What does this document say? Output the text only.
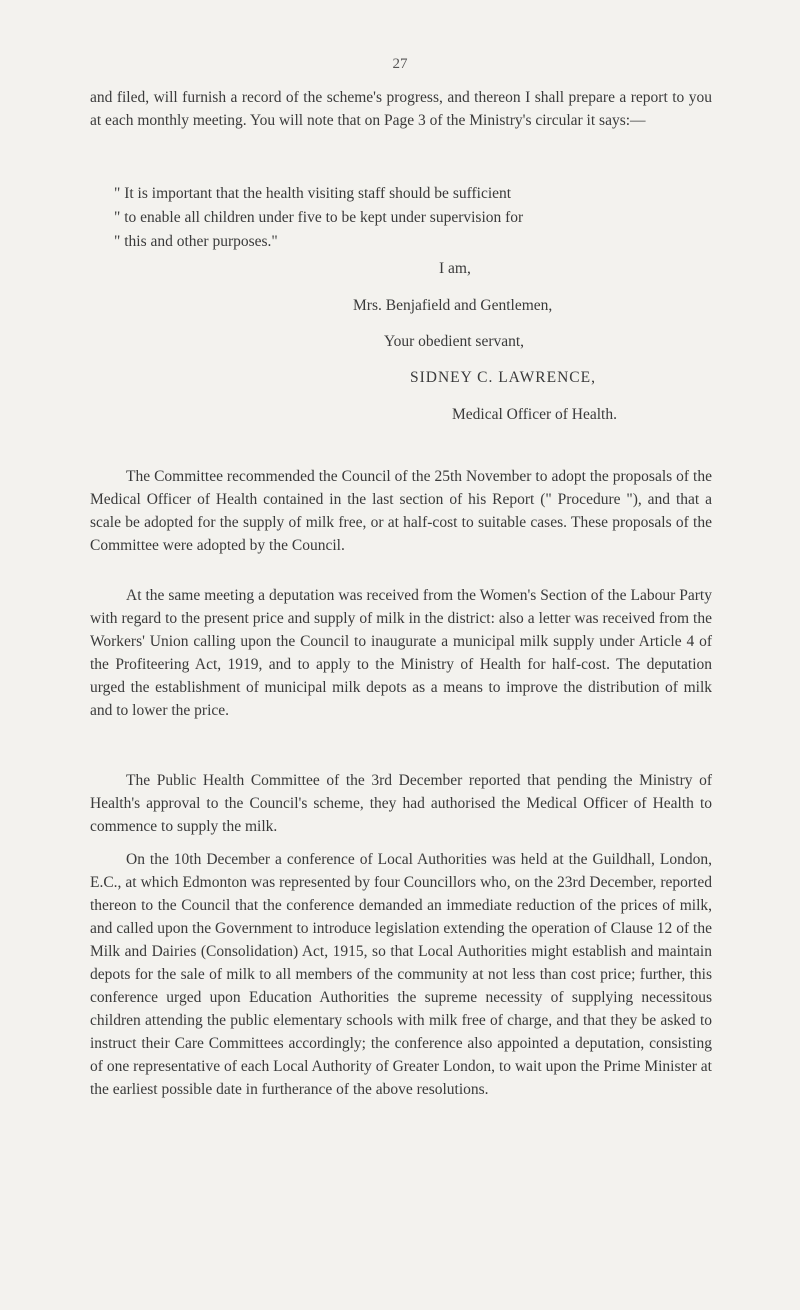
27

and filed, will furnish a record of the scheme's progress, and thereon I shall prepare a report to you at each monthly meeting. You will note that on Page 3 of the Ministry's circular it says:—

" It is important that the health visiting staff should be sufficient
" to enable all children under five to be kept under supervision for
" this and other purposes."
I am,
Mrs. Benjafield and Gentlemen,
Your obedient servant,
SIDNEY C. LAWRENCE,
Medical Officer of Health.

The Committee recommended the Council of the 25th November to adopt the proposals of the Medical Officer of Health contained in the last section of his Report (" Procedure "), and that a scale be adopted for the supply of milk free, or at half-cost to suitable cases. These proposals of the Committee were adopted by the Council.

At the same meeting a deputation was received from the Women's Section of the Labour Party with regard to the present price and supply of milk in the district: also a letter was received from the Workers' Union calling upon the Council to inaugurate a municipal milk supply under Article 4 of the Profiteering Act, 1919, and to apply to the Ministry of Health for half-cost. The deputation urged the establishment of municipal milk depots as a means to improve the distribution of milk and to lower the price.

The Public Health Committee of the 3rd December reported that pending the Ministry of Health's approval to the Council's scheme, they had authorised the Medical Officer of Health to commence to supply the milk.

On the 10th December a conference of Local Authorities was held at the Guildhall, London, E.C., at which Edmonton was represented by four Councillors who, on the 23rd December, reported thereon to the Council that the conference demanded an immediate reduction of the prices of milk, and called upon the Government to introduce legislation extending the operation of Clause 12 of the Milk and Dairies (Consolidation) Act, 1915, so that Local Authorities might establish and maintain depots for the sale of milk to all members of the community at not less than cost price; further, this conference urged upon Education Authorities the supreme necessity of supplying necessitous children attending the public elementary schools with milk free of charge, and that they be asked to instruct their Care Committees accordingly; the conference also appointed a deputation, consisting of one representative of each Local Authority of Greater London, to wait upon the Prime Minister at the earliest possible date in furtherance of the above resolutions.
